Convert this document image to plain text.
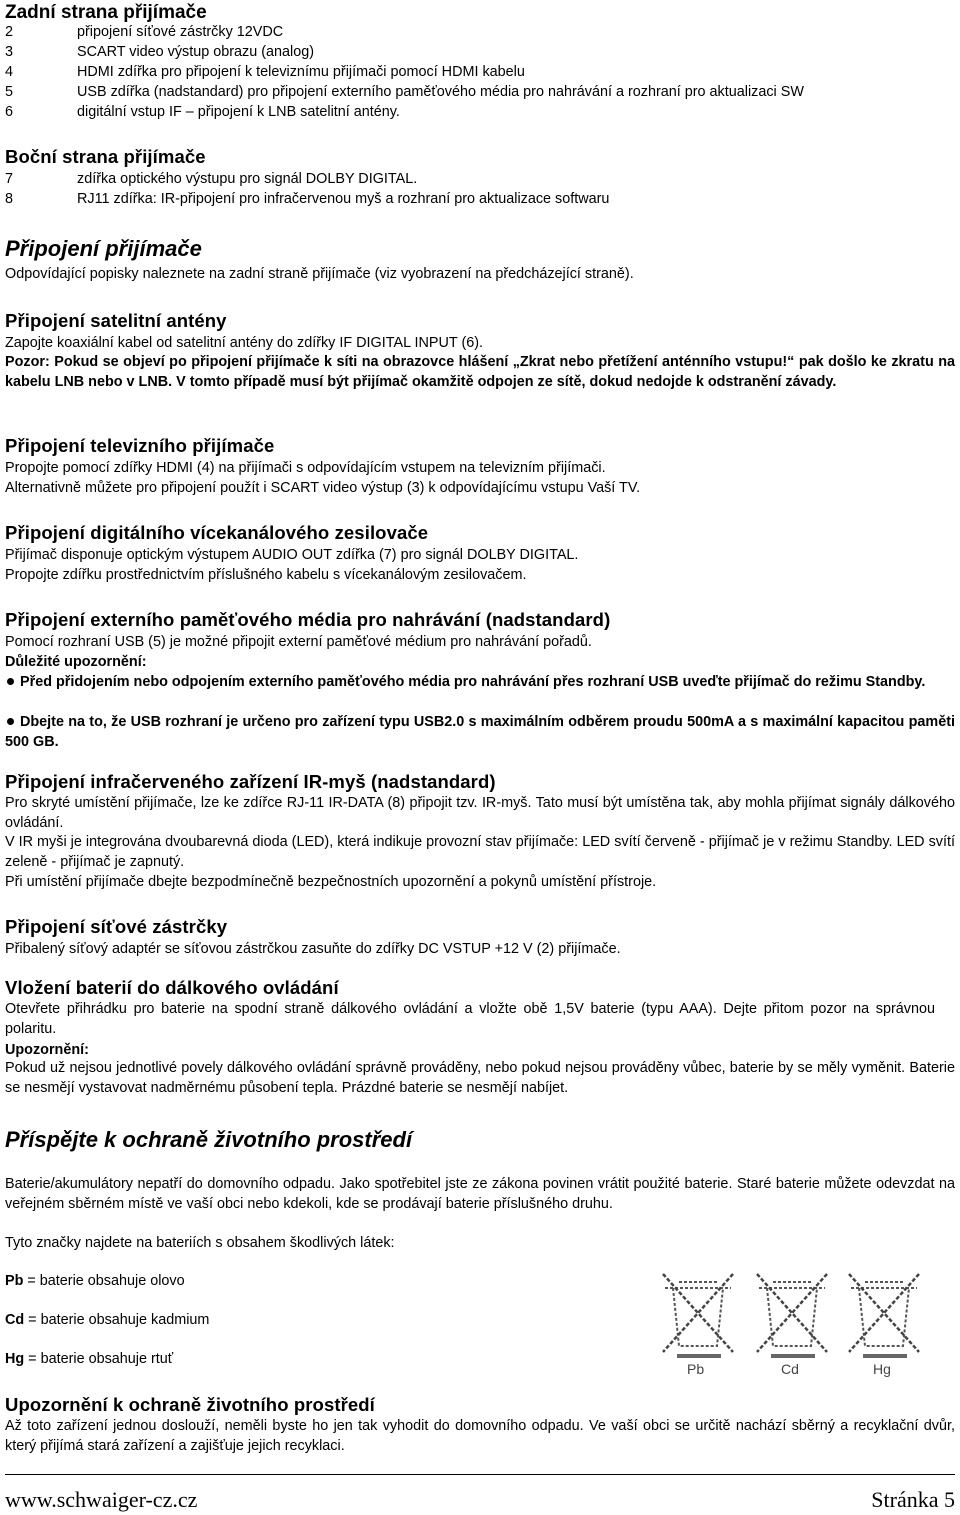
Zadní strana přijímače
2	připojení síťové zástrčky 12VDC
3	SCART video výstup obrazu (analog)
4	HDMI zdířka pro připojení k televiznímu přijímači pomocí HDMI kabelu
5	USB zdířka (nadstandard) pro připojení externího paměťového média pro nahrávání a rozhraní pro aktualizaci SW
6	digitální vstup IF – připojení k LNB satelitní antény.
Boční strana přijímače
7	zdířka optického výstupu pro signál DOLBY DIGITAL.
8	RJ11 zdířka: IR-připojení pro infračervenou myš a rozhraní pro aktualizace softwaru
Připojení přijímače
Odpovídající popisky naleznete na zadní straně přijímače (viz vyobrazení na předcházející straně).
Připojení satelitní antény
Zapojte koaxiální kabel od satelitní antény do zdířky IF DIGITAL INPUT (6).
Pozor: Pokud se objeví po připojení přijímače k síti na obrazovce hlášení „Zkrat nebo přetížení anténního vstupu!“ pak došlo ke zkratu na kabelu LNB nebo v LNB. V tomto případě musí být přijímač okamžitě odpojen ze sítě, dokud nedojde k odstranění závady.
Připojení televizního přijímače
Propojte pomocí zdířky HDMI (4) na přijímači s odpovídajícím vstupem na televizním přijímači.
Alternativně můžete pro připojení použít i SCART video výstup (3) k odpovídajícímu vstupu Vaší TV.
Připojení digitálního vícekanálového zesilovače
Přijímač disponuje optickým výstupem AUDIO OUT zdířka (7) pro signál DOLBY DIGITAL.
Propojte zdířku prostřednictvím příslušného kabelu s vícekanálovým zesilovačem.
Připojení externího paměťového média pro nahrávání (nadstandard)
Pomocí rozhraní USB (5) je možné připojit externí paměťové médium pro nahrávání pořadů.
Důležité upozornění:
Před přidojením nebo odpojením externího paměťového média pro nahrávání přes rozhraní USB uveďte přijímač do režimu Standby.
Dbejte na to, že USB rozhraní je určeno pro zařízení typu USB2.0 s maximálním odběrem proudu 500mA a s maximální kapacitou paměti 500 GB.
Připojení infračerveného zařízení IR-myš (nadstandard)
Pro skryté umístění přijímače, lze ke zdířce RJ-11 IR-DATA (8) připojit tzv. IR-myš. Tato musí být umístěna tak, aby mohla přijímat signály dálkového ovládání.
V IR myši je integrována dvoubarevná dioda (LED), která indikuje provozní stav přijímače: LED svítí červeně - přijímač je v režimu Standby. LED svítí zeleně - přijímač je zapnutý.
Při umístění přijímače dbejte bezpodmínečně bezpečnostních upozornění a pokynů umístění přístroje.
Připojení síťové zástrčky
Přibalený síťový adaptér se síťovou zástrčkou zasuňte do zdířky DC VSTUP +12 V (2) přijímače.
Vložení baterií do dálkového ovládání
Otevřete přihrádku pro baterie na spodní straně dálkového ovládání a vložte obě 1,5V baterie (typu AAA). Dejte přitom pozor na správnou polaritu.
Upozornění:
Pokud už nejsou jednotlivé povely dálkového ovládání správně prováděny, nebo pokud nejsou prováděny vůbec, baterie by se měly vyměnit. Baterie se nesmějí vystavovat nadměrnému působení tepla. Prázdné baterie se nesmějí nabíjet.
Příspějte k ochraně životního prostředí
Baterie/akumulátory nepatří do domovního odpadu. Jako spotřebitel jste ze zákona povinen vrátit použité baterie. Staré baterie můžete odevzdat na veřejném sběrném místě ve vaší obci nebo kdekoli, kde se prodávají baterie příslušného druhu.
Tyto značky najdete na bateriích s obsahem škodlivých látek:
Pb = baterie obsahuje olovo
Cd = baterie obsahuje kadmium
Hg = baterie obsahuje rtuť
Pb	Cd	Hg
Upozornění k ochraně životního prostředí
Až toto zařízení jednou doslouží, neměli byste ho jen tak vyhodit do domovního odpadu. Ve vaší obci se určitě nachází sběrný a recyklační dvůr, který přijímá stará zařízení a zajišťuje jejich recyklaci.
www.schwaiger-cz.cz	Stránka 5
